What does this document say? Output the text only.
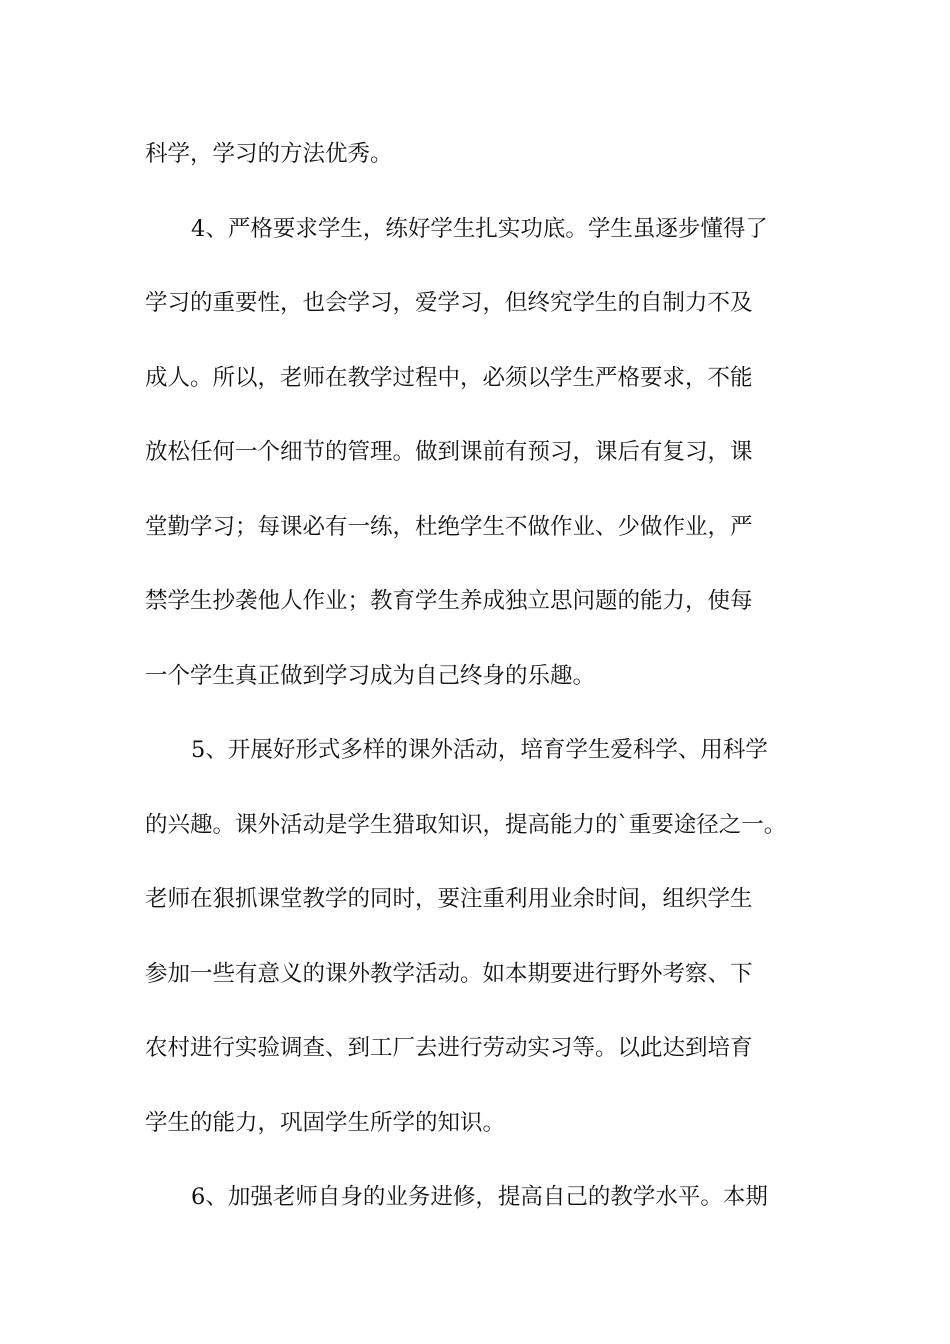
科学，学习的方法优秀。
4、严格要求学生，练好学生扎实功底。学生虽逐步懂得了
学习的重要性，也会学习，爱学习，但终究学生的自制力不及
成人。所以，老师在教学过程中，必须以学生严格要求，不能
放松任何一个细节的管理。做到课前有预习，课后有复习，课
堂勤学习；每课必有一练，杜绝学生不做作业、少做作业，严
禁学生抄袭他人作业；教育学生养成独立思问题的能力，使每
一个学生真正做到学习成为自己终身的乐趣。
5、开展好形式多样的课外活动，培育学生爱科学、用科学
的兴趣。课外活动是学生猎取知识，提高能力的`重要途径之一。
老师在狠抓课堂教学的同时，要注重利用业余时间，组织学生
参加一些有意义的课外教学活动。如本期要进行野外考察、下
农村进行实验调查、到工厂去进行劳动实习等。以此达到培育
学生的能力，巩固学生所学的知识。
6、加强老师自身的业务进修，提高自己的教学水平。本期
